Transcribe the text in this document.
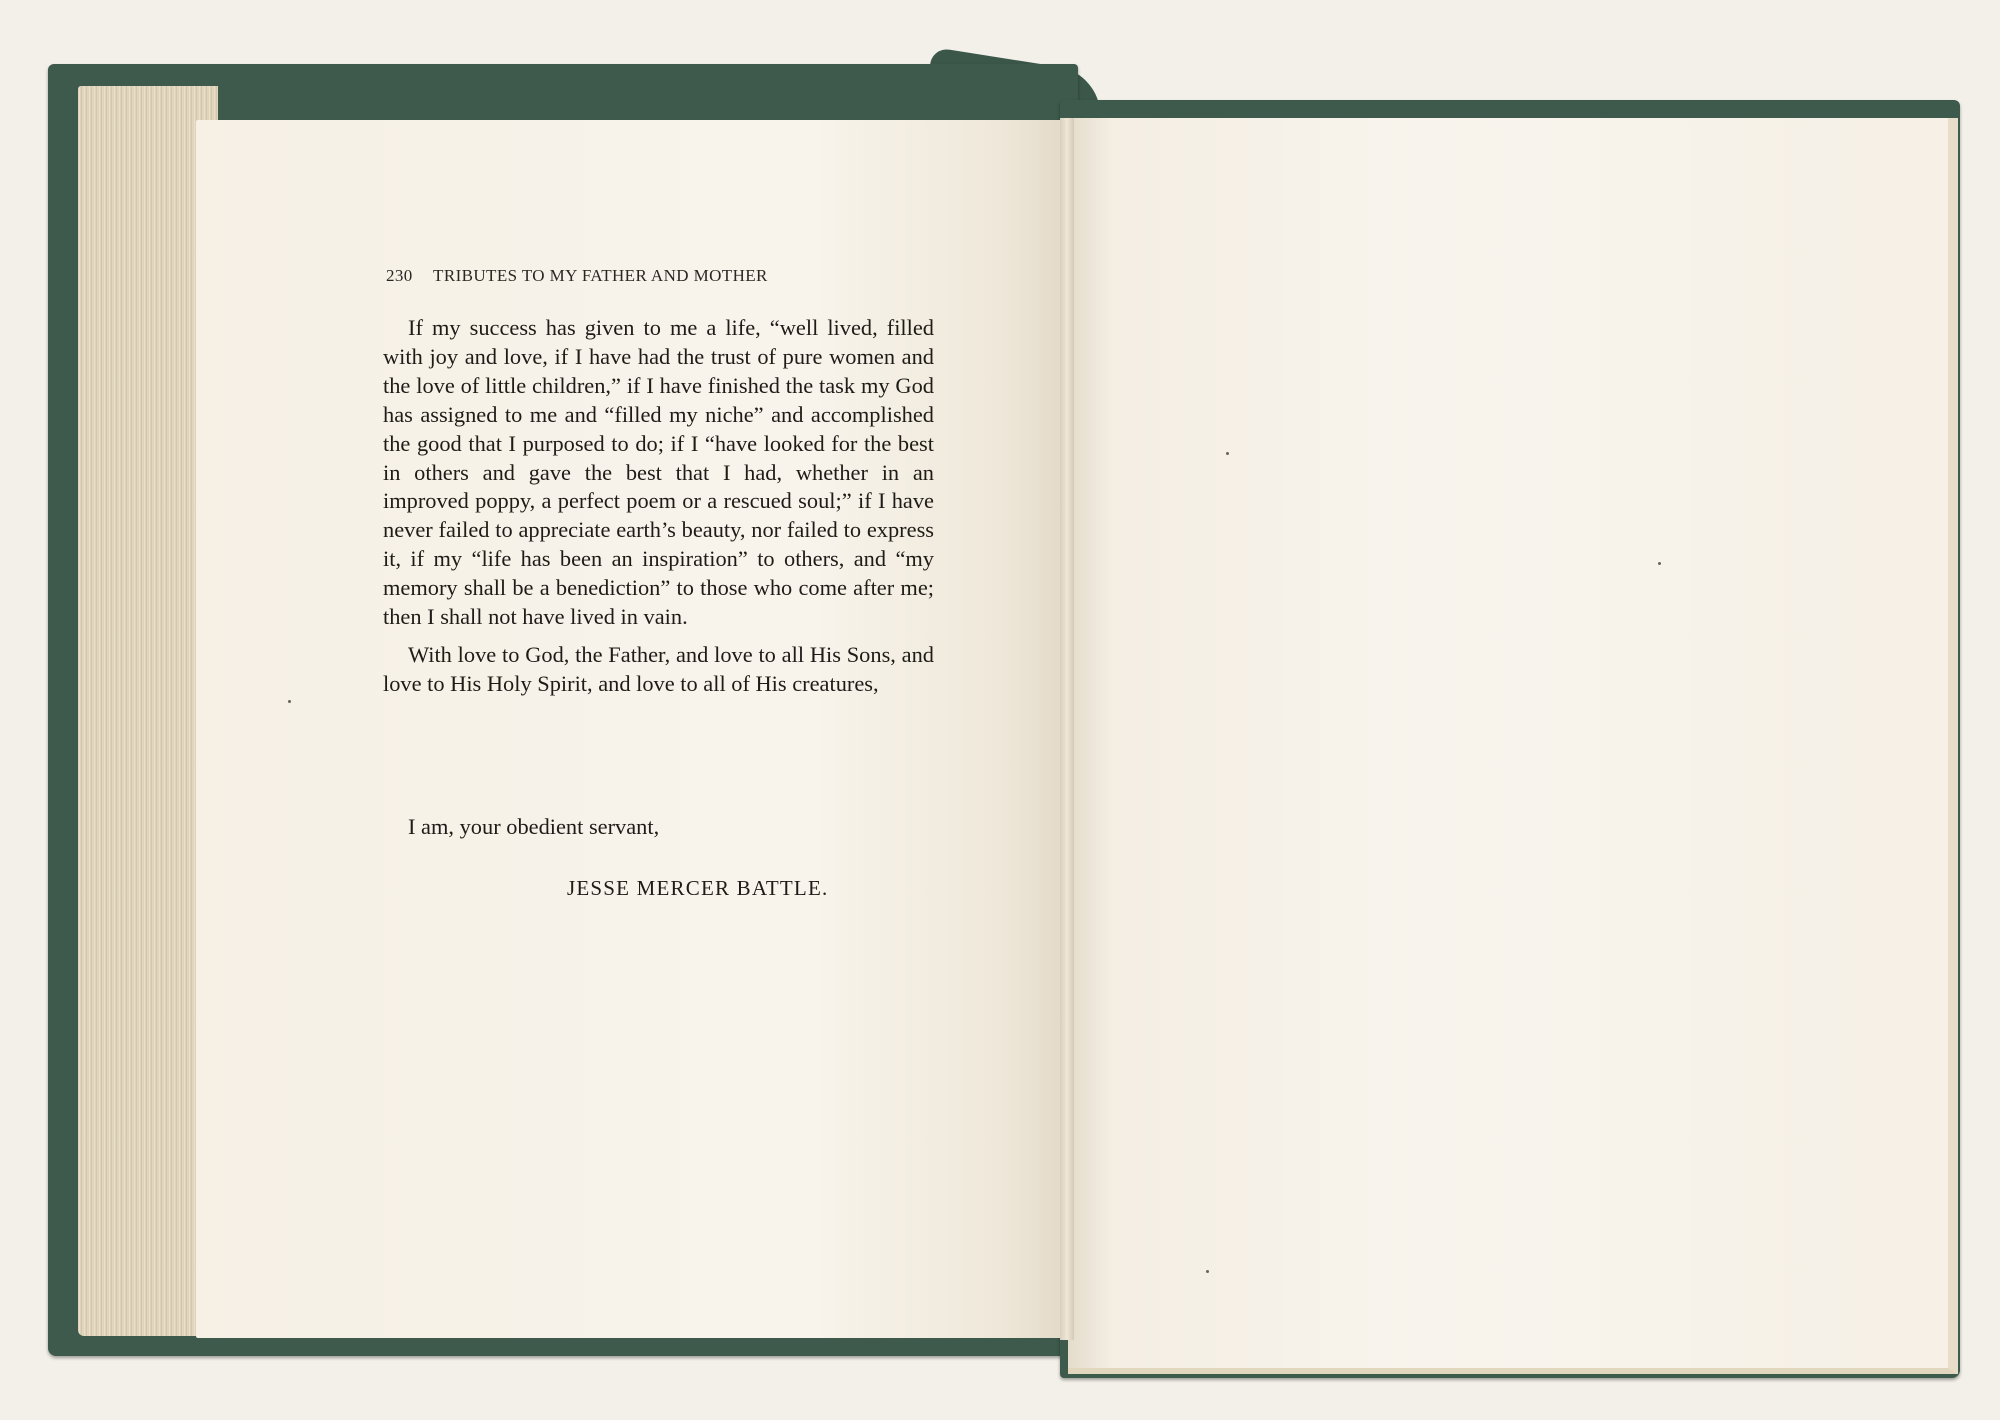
230 TRIBUTES TO MY FATHER AND MOTHER

If my success has given to me a life, “well lived, filled with joy and love, if I have had the trust of pure women and the love of little children,” if I have finished the task my God has assigned to me and “filled my niche” and accomplished the good that I purposed to do; if I “have looked for the best in others and gave the best that I had, whether in an improved poppy, a perfect poem or a rescued soul;” if I have never failed to appreciate earth’s beauty, nor failed to express it, if my “life has been an inspiration” to others, and “my memory shall be a benediction” to those who come after me; then I shall not have lived in vain.

With love to God, the Father, and love to all His Sons, and love to His Holy Spirit, and love to all of His creatures,

I am, your obedient servant,
JESSE MERCER BATTLE.
